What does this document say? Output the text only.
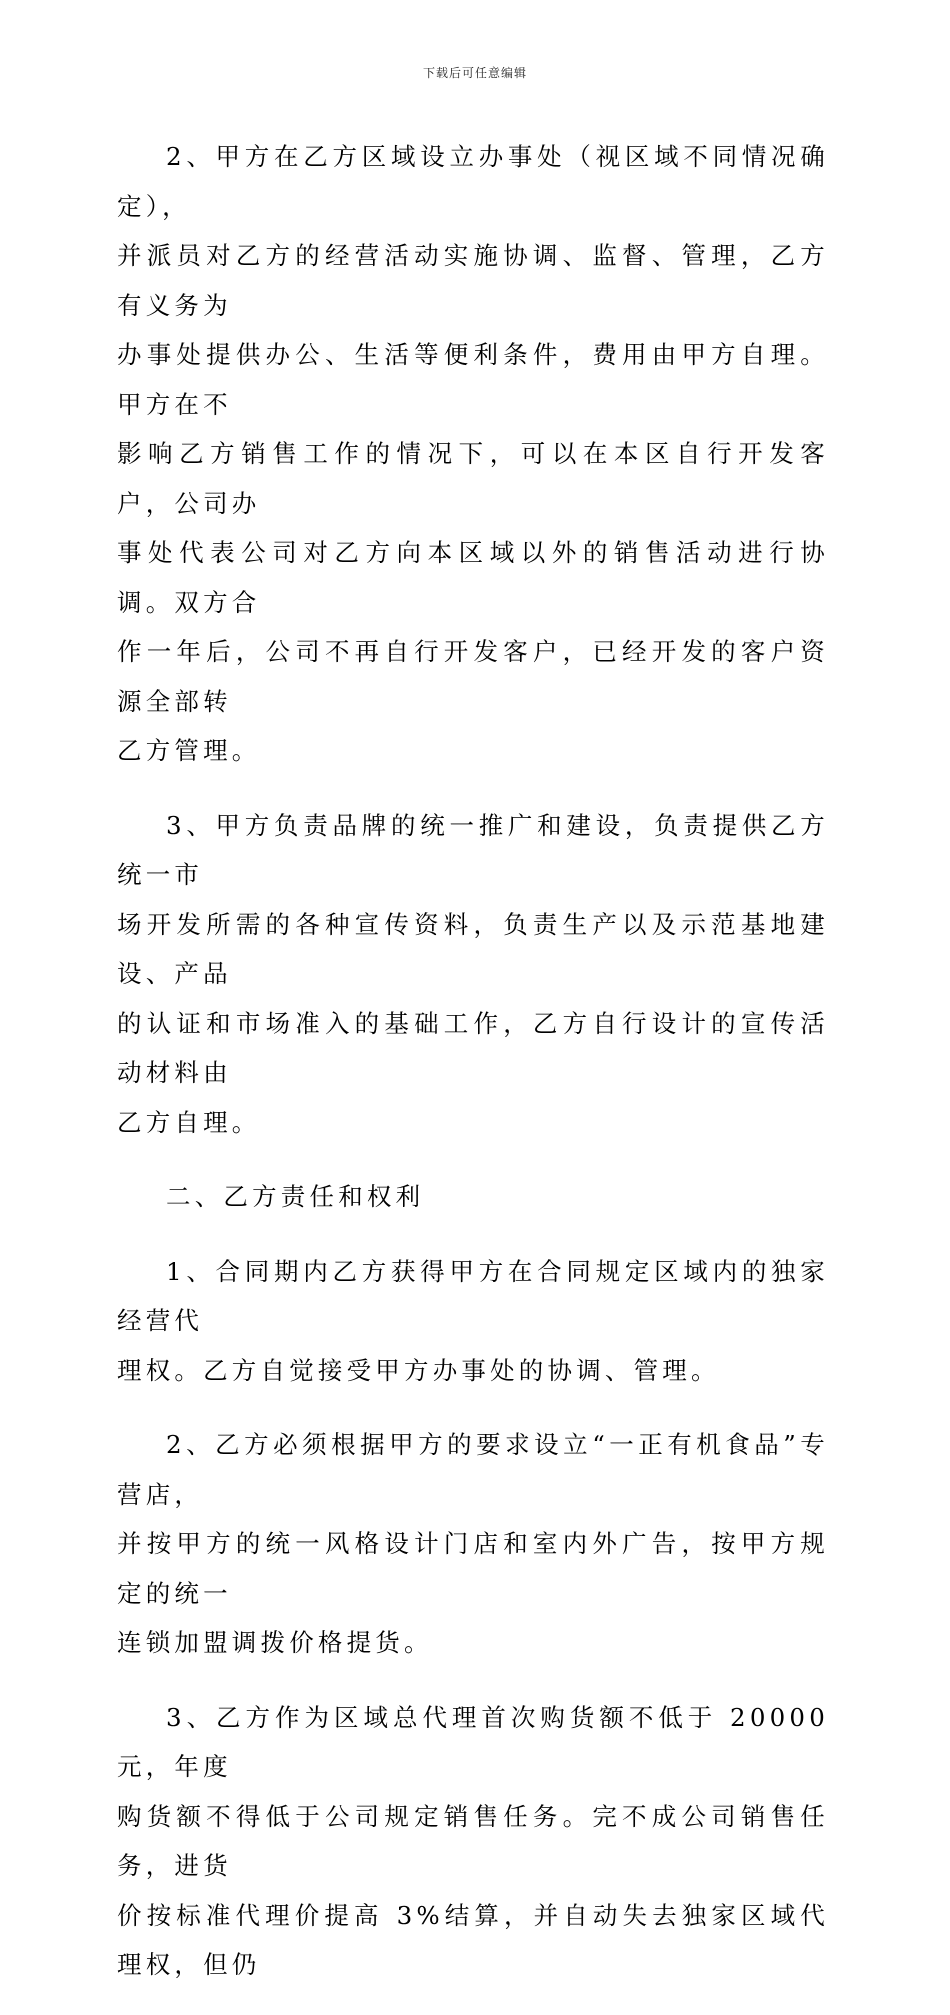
下载后可任意编辑

2、甲方在乙方区域设立办事处（视区域不同情况确定），
并派员对乙方的经营活动实施协调、监督、管理，乙方有义务为
办事处提供办公、生活等便利条件，费用由甲方自理。甲方在不
影响乙方销售工作的情况下，可以在本区自行开发客户，公司办
事处代表公司对乙方向本区域以外的销售活动进行协调。双方合
作一年后，公司不再自行开发客户，已经开发的客户资源全部转
乙方管理。

3、甲方负责品牌的统一推广和建设，负责提供乙方统一市
场开发所需的各种宣传资料，负责生产以及示范基地建设、产品
的认证和市场准入的基础工作，乙方自行设计的宣传活动材料由
乙方自理。

二、乙方责任和权利

1、合同期内乙方获得甲方在合同规定区域内的独家经营代
理权。乙方自觉接受甲方办事处的协调、管理。

2、乙方必须根据甲方的要求设立“一正有机食品”专营店，
并按甲方的统一风格设计门店和室内外广告，按甲方规定的统一
连锁加盟调拨价格提货。

3、乙方作为区域总代理首次购货额不低于 20000 元，年度
购货额不得低于公司规定销售任务。完不成公司销售任务，进货
价按标准代理价提高 3%结算，并自动失去独家区域代理权，但仍
